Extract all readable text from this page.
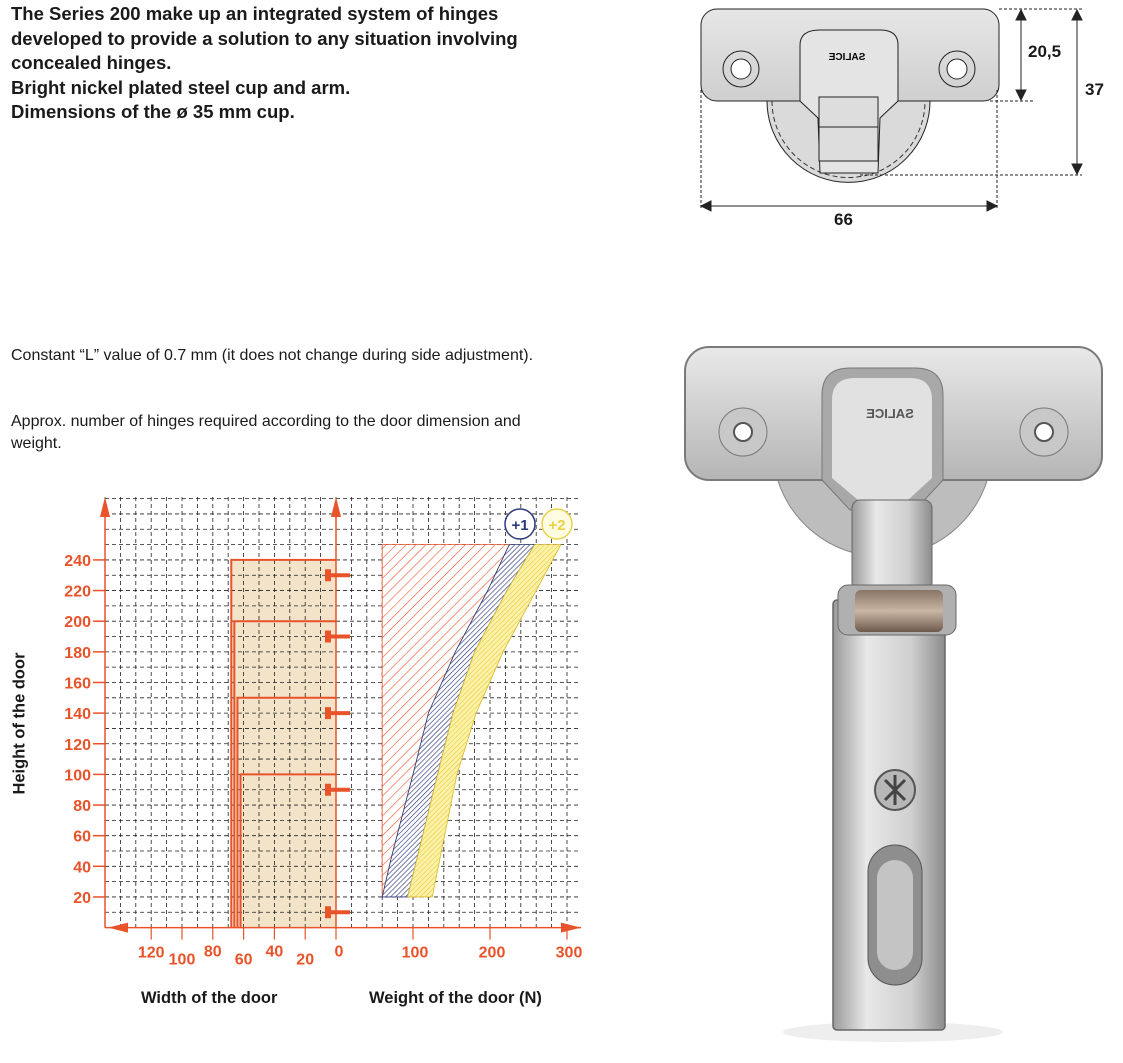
The Series 200 make up an integrated system of hinges
developed to provide a solution to any situation involving
concealed hinges.
Bright nickel plated steel cup and arm.
Dimensions of the ø 35 mm cup.
Constant “L” value of 0.7 mm (it does not change during side adjustment).
Approx. number of hinges required according to the door dimension and weight.
SALICE	20,5
37
66
SALICE
20
40
60
80
100
120
140
160
180
200
220
240
120 100 80 60 40 20 0	100	200	300
+1 +2
Height of the door
Width of the door	Weight of the door (N)
